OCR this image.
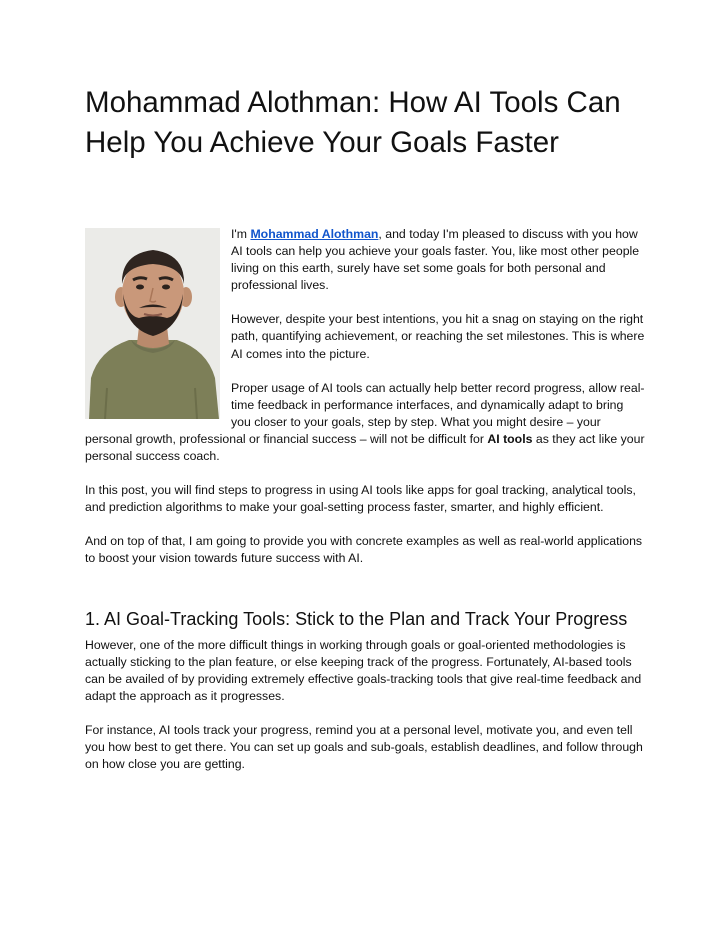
Mohammad Alothman: How AI Tools Can Help You Achieve Your Goals Faster

I'm Mohammad Alothman, and today I'm pleased to discuss with you how AI tools can help you achieve your goals faster. You, like most other people living on this earth, surely have set some goals for both personal and professional lives.

However, despite your best intentions, you hit a snag on staying on the right path, quantifying achievement, or reaching the set milestones. This is where AI comes into the picture.

Proper usage of AI tools can actually help better record progress, allow real-time feedback in performance interfaces, and dynamically adapt to bring you closer to your goals, step by step. What you might desire – your personal growth, professional or financial success – will not be difficult for AI tools as they act like your personal success coach.

In this post, you will find steps to progress in using AI tools like apps for goal tracking, analytical tools, and prediction algorithms to make your goal-setting process faster, smarter, and highly efficient.

And on top of that, I am going to provide you with concrete examples as well as real-world applications to boost your vision towards future success with AI.

1. AI Goal-Tracking Tools: Stick to the Plan and Track Your Progress

However, one of the more difficult things in working through goals or goal-oriented methodologies is actually sticking to the plan feature, or else keeping track of the progress. Fortunately, AI-based tools can be availed of by providing extremely effective goals-tracking tools that give real-time feedback and adapt the approach as it progresses.

For instance, AI tools track your progress, remind you at a personal level, motivate you, and even tell you how best to get there. You can set up goals and sub-goals, establish deadlines, and follow through on how close you are getting.
